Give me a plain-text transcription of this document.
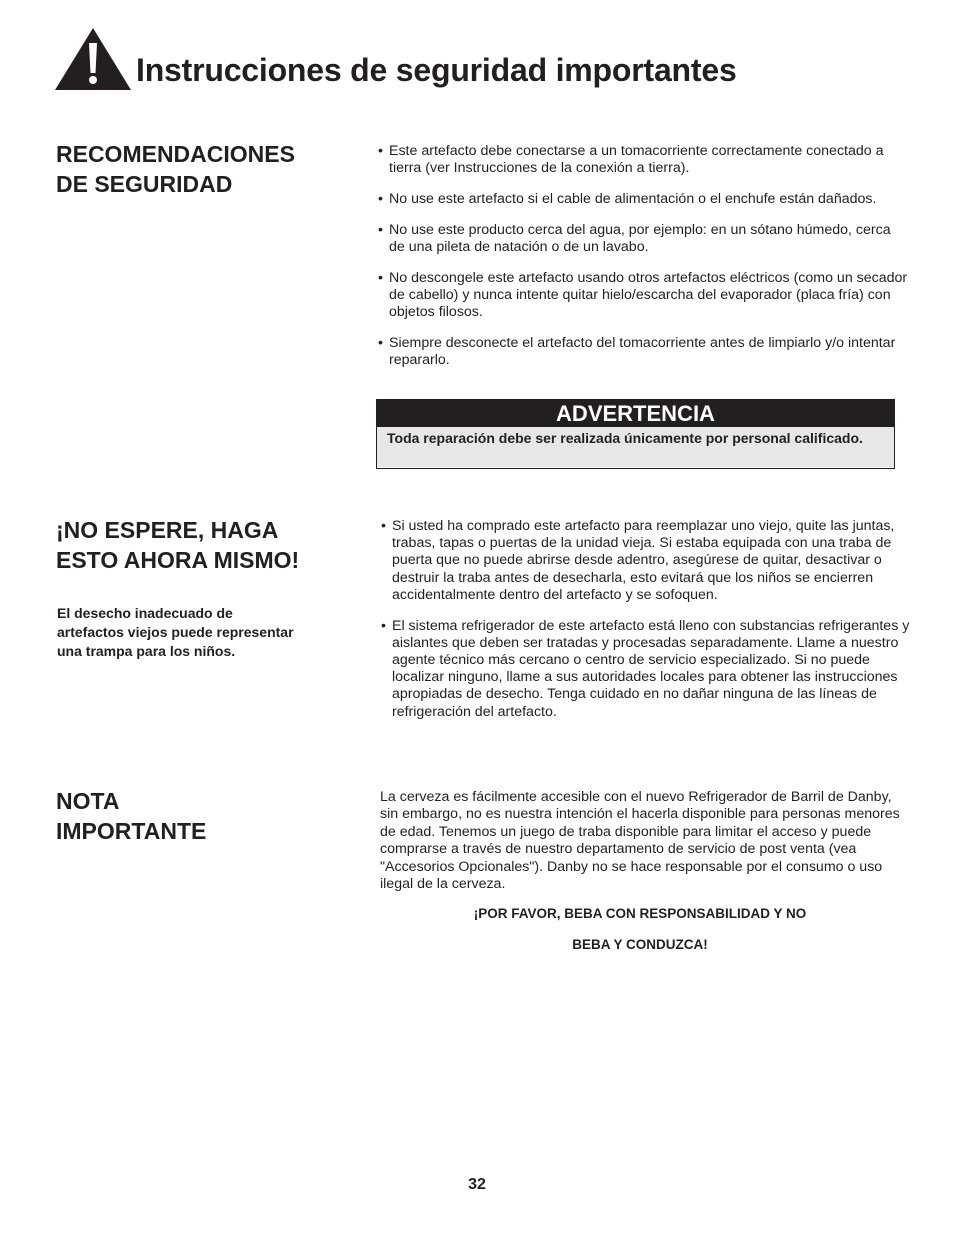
Instrucciones de seguridad importantes
RECOMENDACIONES
DE SEGURIDAD
• Este artefacto debe conectarse a un tomacorriente correctamente conectado a tierra (ver Instrucciones de la conexión a tierra).
• No use este artefacto si el cable de alimentación o el enchufe están dañados.
• No use este producto cerca del agua, por ejemplo: en un sótano húmedo, cerca de una pileta de natación o de un lavabo.
• No descongele este artefacto usando otros artefactos eléctricos (como un secador de cabello) y nunca intente quitar hielo/escarcha del evaporador (placa fría) con objetos filosos.
• Siempre desconecte el artefacto del tomacorriente antes de limpiarlo y/o intentar repararlo.
ADVERTENCIA
Toda reparación debe ser realizada únicamente por personal calificado.
¡NO ESPERE, HAGA
ESTO AHORA MISMO!

El desecho inadecuado de artefactos viejos puede representar una trampa para los niños.

• Si usted ha comprado este artefacto para reemplazar uno viejo, quite las juntas, trabas, tapas o puertas de la unidad vieja. Si estaba equipada con una traba de puerta que no puede abrirse desde adentro, asegúrese de quitar, desactivar o destruir la traba antes de desecharla, esto evitará que los niños se encierren accidentalmente dentro del artefacto y se sofoquen.
• El sistema refrigerador de este artefacto está lleno con substancias refrigerantes y aislantes que deben ser tratadas y procesadas separadamente. Llame a nuestro agente técnico más cercano o centro de servicio especializado. Si no puede localizar ninguno, llame a sus autoridades locales para obtener las instrucciones apropiadas de desecho. Tenga cuidado en no dañar ninguna de las líneas de refrigeración del artefacto.
NOTA
IMPORTANTE

La cerveza es fácilmente accesible con el nuevo Refrigerador de Barril de Danby, sin embargo, no es nuestra intención el hacerla disponible para personas menores de edad. Tenemos un juego de traba disponible para limitar el acceso y puede comprarse a través de nuestro departamento de servicio de post venta (vea "Accesorios Opcionales"). Danby no se hace responsable por el consumo o uso ilegal de la cerveza.

¡POR FAVOR, BEBA CON RESPONSABILIDAD Y NO

BEBA Y CONDUZCA!

32
